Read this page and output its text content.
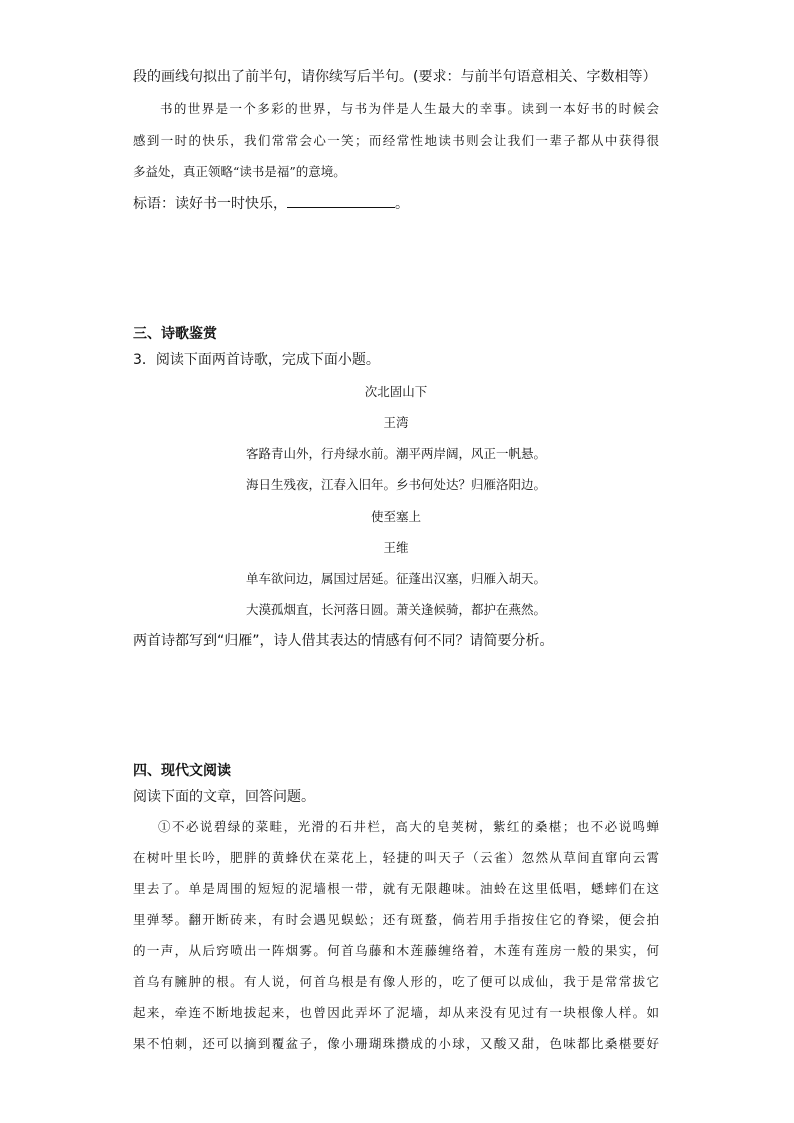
段的画线句拟出了前半句，请你续写后半句。(要求：与前半句语意相关、字数相等）
书的世界是一个多彩的世界，与书为伴是人生最大的幸事。读到一本好书的时候会
感到一时的快乐，我们常常会心一笑；而经常性地读书则会让我们一辈子都从中获得很
多益处，真正领略“读书是福”的意境。
标语：读好书一时快乐，	。
三、诗歌鉴赏
3．阅读下面两首诗歌，完成下面小题。
次北固山下
王湾
客路青山外，行舟绿水前。潮平两岸阔，风正一帆悬。
海日生残夜，江春入旧年。乡书何处达？归雁洛阳边。
使至塞上
王维
单车欲问边，属国过居延。征蓬出汉塞，归雁入胡天。
大漠孤烟直，长河落日圆。萧关逢候骑，都护在燕然。
两首诗都写到“归雁”，诗人借其表达的情感有何不同？请简要分析。
四、现代文阅读
阅读下面的文章，回答问题。
①不必说碧绿的菜畦，光滑的石井栏，高大的皂荚树，紫红的桑椹；也不必说鸣蝉
在树叶里长吟，肥胖的黄蜂伏在菜花上，轻捷的叫天子（云雀）忽然从草间直窜向云霄
里去了。单是周围的短短的泥墙根一带，就有无限趣味。油蛉在这里低唱，蟋蟀们在这
里弹琴。翻开断砖来，有时会遇见蜈蚣；还有斑蝥，倘若用手指按住它的脊梁，便会拍
的一声，从后窍喷出一阵烟雾。何首乌藤和木莲藤缠络着，木莲有莲房一般的果实，何
首乌有臃肿的根。有人说，何首乌根是有像人形的，吃了便可以成仙，我于是常常拔它
起来，牵连不断地拔起来，也曾因此弄坏了泥墙，却从来没有见过有一块根像人样。如
果不怕刺，还可以摘到覆盆子，像小珊瑚珠攒成的小球，又酸又甜，色味都比桑椹要好
